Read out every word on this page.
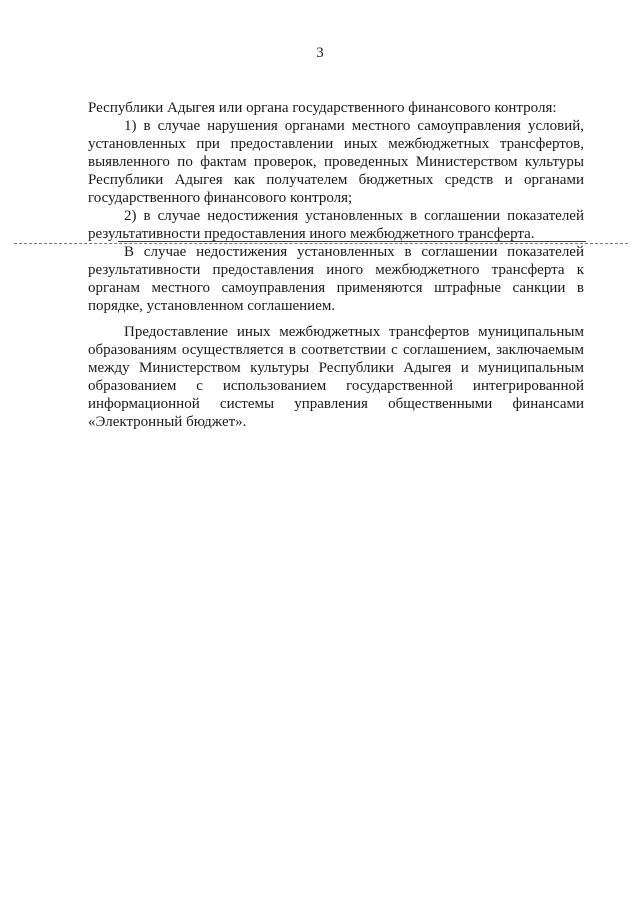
3
Республики Адыгея или органа государственного финансового контроля:
1) в случае нарушения органами местного самоуправления условий,
установленных при предоставлении иных межбюджетных трансфертов,
выявленного по фактам проверок, проведенных Министерством культуры
Республики Адыгея как получателем бюджетных средств и органами
государственного финансового контроля;
2) в случае недостижения установленных в соглашении показателей
результативности предоставления иного межбюджетного трансферта.
В случае недостижения установленных в соглашении показателей
результативности предоставления иного межбюджетного трансферта к
органам местного самоуправления применяются штрафные санкции в
порядке, установленном соглашением.
Предоставление иных межбюджетных трансфертов муниципальным
образованиям осуществляется в соответствии с соглашением, заключаемым
между Министерством культуры Республики Адыгея и муниципальным
образованием с использованием государственной интегрированной
информационной системы управления общественными финансами
«Электронный бюджет».
